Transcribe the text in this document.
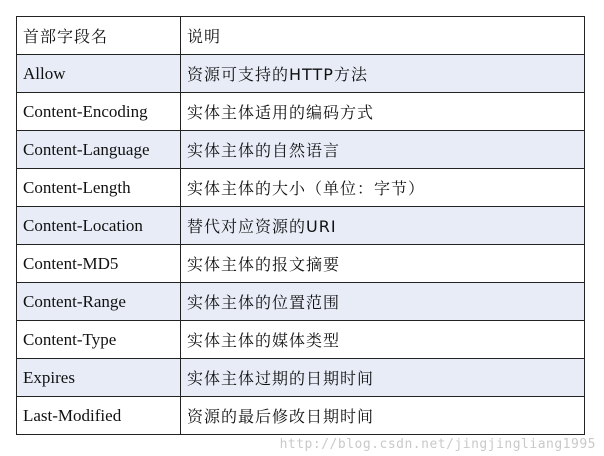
首部字段名	说明
Allow	资源可支持的HTTP方法
Content-Encoding	实体主体适用的编码方式
Content-Language	实体主体的自然语言
Content-Length	实体主体的大小（单位：字节）
Content-Location	替代对应资源的URI
Content-MD5	实体主体的报文摘要
Content-Range	实体主体的位置范围
Content-Type	实体主体的媒体类型
Expires	实体主体过期的日期时间
Last-Modified	资源的最后修改日期时间
http://blog.csdn.net/jingjingliang1995
